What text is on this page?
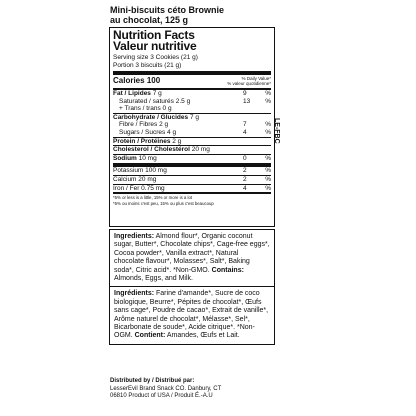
Mini-biscuits céto Brownie
au chocolat, 125 g
Nutrition Facts
Valeur nutritive
Serving size 3 Cookies (21 g)
Portion 3 biscuits (21 g)
Calories 100	% Daily Value*
% valeur quotidienne*
Fat / Lipides 7 g	9	%
Saturated / saturés 2.5 g	13 %
+ Trans / trans 0 g
Carbohydrate / Glucides 7 g
Fibre / Fibres 2 g	7	%
Sugars / Sucres 4 g	4	%
Protein / Protéines 2 g
Cholesterol / Cholestérol 20 mg
Sodium 10 mg	0	%
Potassium 100 mg	2	%
Calcium 20 mg	2	%
Iron / Fer 0.75 mg	4	%
*5% or less is a little, 15% or more is a lot
*5% ou moins c'est peu, 15% ou plus c'est beaucoup
LE-FBC

Ingredients: Almond flour*, Organic coconut sugar, Butter*, Chocolate chips*, Cage-free eggs*, Cocoa powder*, Vanilla extract*, Natural chocolate flavour*, Molasses*, Salt*, Baking soda*, Citric acid*. *Non-GMO. Contains: Almonds, Eggs, and Milk.

Ingrédients: Farine d'amande*, Sucre de coco biologique, Beurre*, Pépites de chocolat*, Œufs sans cage*, Poudre de cacao*, Extrait de vanille*, Arôme naturel de chocolat*, Mélasse*, Sel*, Bicarbonate de soude*, Acide citrique*. *Non-OGM. Contient: Amandes, Œufs et Lait.

Distributed by / Distribué par:
LesserEvil Brand Snack CO. Danbury, CT
06810 Product of USA / Produit É.-A.U
